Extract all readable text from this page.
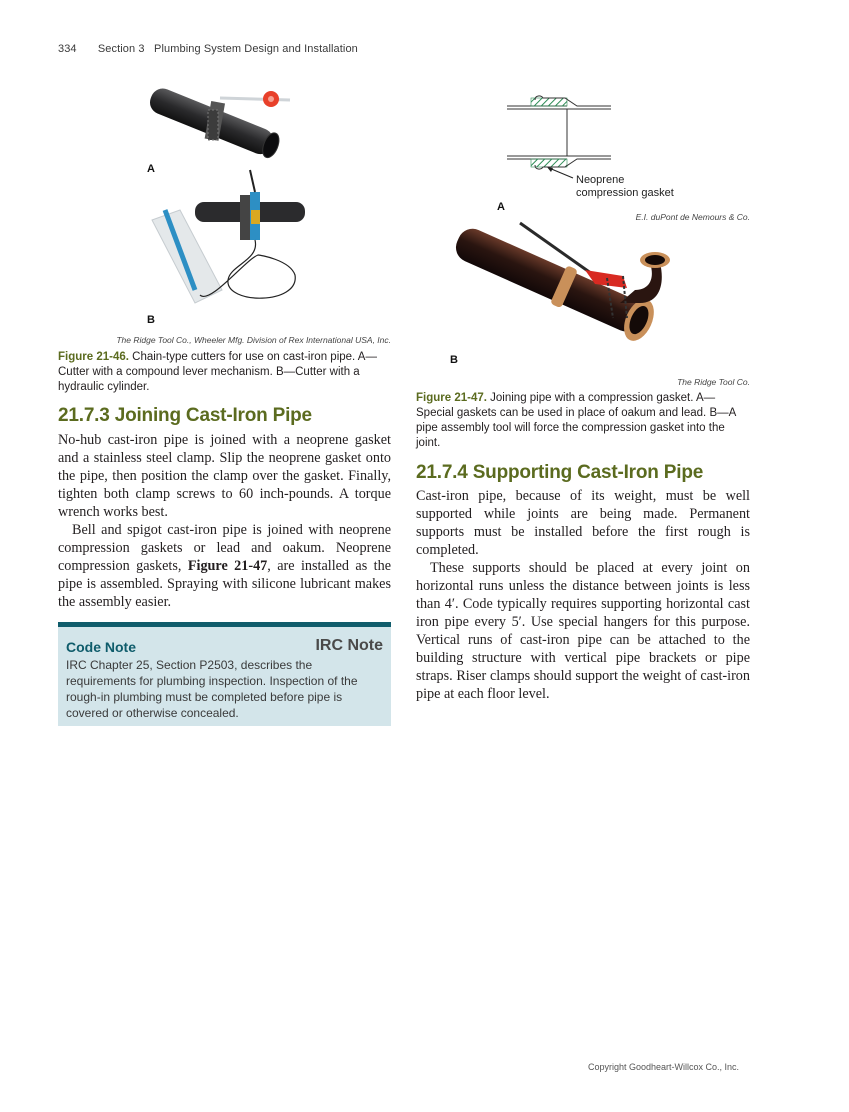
334 Section 3   Plumbing System Design and Installation
A
B
The Ridge Tool Co., Wheeler Mfg. Division of Rex International USA, Inc.
Figure 21-46. Chain-type cutters for use on cast-iron pipe. A—Cutter with a compound lever mechanism. B—Cutter with a hydraulic cylinder.
21.7.3 Joining Cast-Iron Pipe

No-hub cast-iron pipe is joined with a neoprene gasket and a stainless steel clamp. Slip the neoprene gasket onto the pipe, then position the clamp over the gasket. Finally, tighten both clamp screws to 60 inch-pounds. A torque wrench works best.

Bell and spigot cast-iron pipe is joined with neoprene compression gaskets or lead and oakum. Neoprene compression gaskets, Figure 21-47, are installed as the pipe is assembled. Spraying with silicone lubricant makes the assembly easier.

Code Note	IRC Note
IRC Chapter 25, Section P2503, describes the requirements for plumbing inspection. Inspection of the rough-in plumbing must be completed before pipe is covered or otherwise concealed.
Neoprene
compression gasket
A
E.I. duPont de Nemours & Co.
B
The Ridge Tool Co.
Figure 21-47. Joining pipe with a compression gasket. A—Special gaskets can be used in place of oakum and lead. B—A pipe assembly tool will force the compression gasket into the joint.
21.7.4 Supporting Cast-Iron Pipe

Cast-iron pipe, because of its weight, must be well supported while joints are being made. Permanent supports must be installed before the first rough is completed.

These supports should be placed at every joint on horizontal runs unless the distance between joints is less than 4′. Code typically requires supporting horizontal cast iron pipe every 5′. Use special hangers for this purpose. Vertical runs of cast-iron pipe can be attached to the building structure with vertical pipe brackets or pipe straps. Riser clamps should support the weight of cast-iron pipe at each floor level.

Copyright Goodheart-Willcox Co., Inc.
